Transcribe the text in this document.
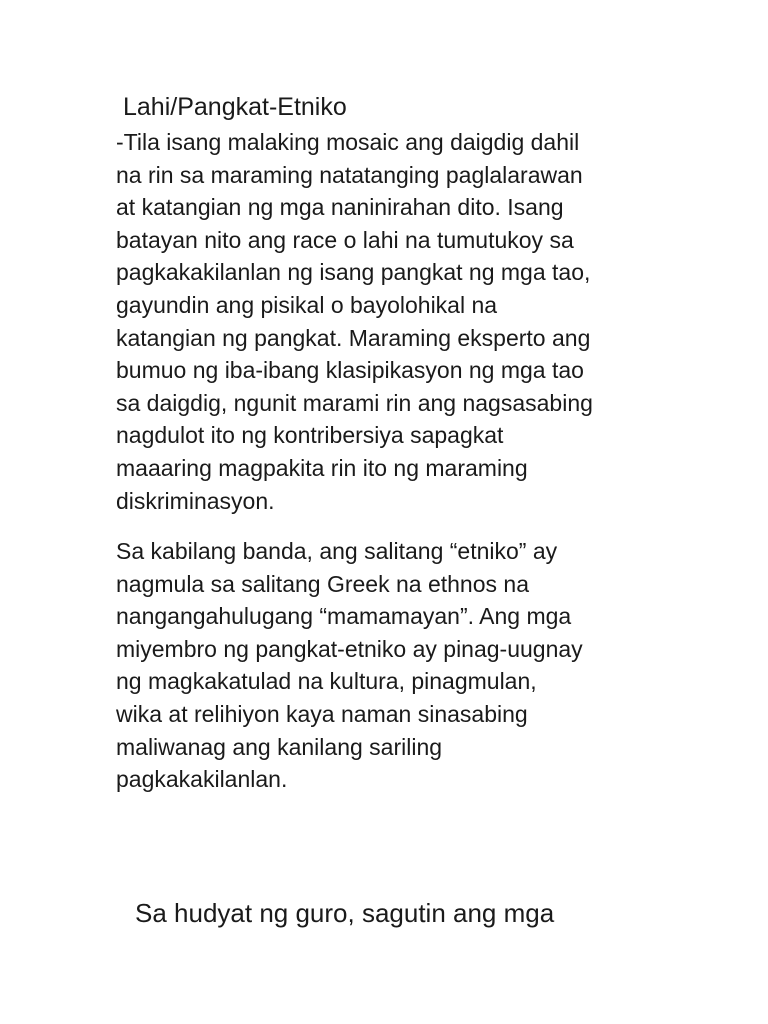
Lahi/Pangkat-Etniko

-Tila isang malaking mosaic ang daigdig dahil
na rin sa maraming natatanging paglalarawan
at katangian ng mga naninirahan dito. Isang
batayan nito ang race o lahi na tumutukoy sa
pagkakakilanlan ng isang pangkat ng mga tao,
gayundin ang pisikal o bayolohikal na
katangian ng pangkat. Maraming eksperto ang
bumuo ng iba-ibang klasipikasyon ng mga tao
sa daigdig, ngunit marami rin ang nagsasabing
nagdulot ito ng kontribersiya sapagkat
maaaring magpakita rin ito ng maraming
diskriminasyon.

Sa kabilang banda, ang salitang “etniko” ay
nagmula sa salitang Greek na ethnos na
nangangahulugang “mamamayan”. Ang mga
miyembro ng pangkat-etniko ay pinag-uugnay
ng magkakatulad na kultura, pinagmulan,
wika at relihiyon kaya naman sinasabing
maliwanag ang kanilang sariling
pagkakakilanlan.

Sa hudyat ng guro, sagutin ang mga
